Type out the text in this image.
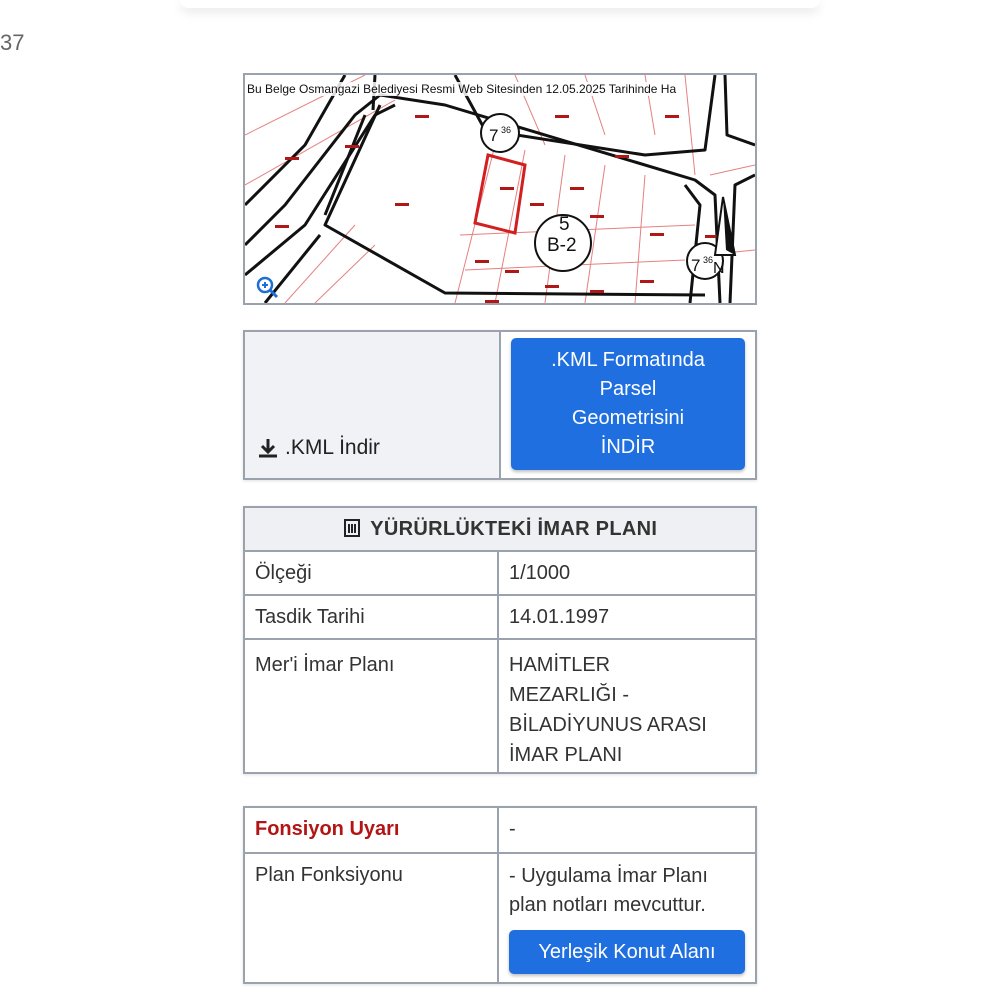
37
7 36
5
B-2
7 36 N
Bu Belge Osmangazi Belediyesi Resmi Web Sitesinden 12.05.2025 Tarihinde Ha
.KML İndir

.KML Formatında
Parsel
Geometrisini
İNDİR
YÜRÜRLÜKTEKİ İMAR PLANI	
Ölçeği	1/1000
Tasdik Tarihi	14.01.1997
Mer'i İmar Planı	HAMİTLER
MEZARLIĞI -
BİLADİYUNUS ARASI
İMAR PLANI
Fonsiyon Uyarı	-
Plan Fonksiyonu	- Uygulama İmar Planı
plan notları mevcuttur.
Yerleşik Konut Alanı
